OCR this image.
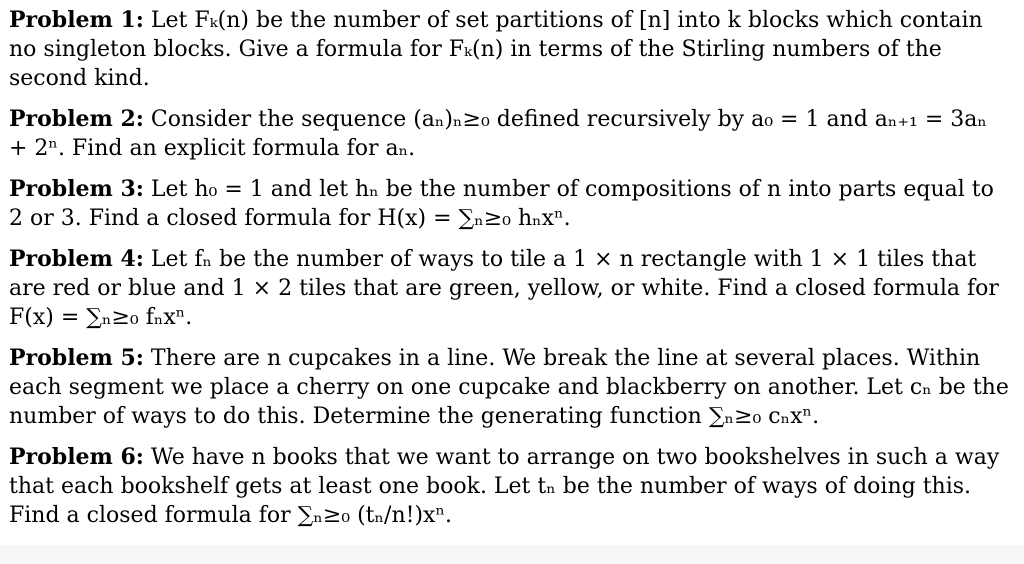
Problem 1: Let Fₖ(n) be the number of set partitions of [n] into k blocks which contain no singleton blocks. Give a formula for Fₖ(n) in terms of the Stirling numbers of the second kind.

Problem 2: Consider the sequence (aₙ)ₙ≥₀ defined recursively by a₀ = 1 and aₙ₊₁ = 3aₙ + 2ⁿ. Find an explicit formula for aₙ.

Problem 3: Let h₀ = 1 and let hₙ be the number of compositions of n into parts equal to 2 or 3. Find a closed formula for H(x) = ∑ₙ≥₀ hₙxⁿ.

Problem 4: Let fₙ be the number of ways to tile a 1 × n rectangle with 1 × 1 tiles that are red or blue and 1 × 2 tiles that are green, yellow, or white. Find a closed formula for F(x) = ∑ₙ≥₀ fₙxⁿ.

Problem 5: There are n cupcakes in a line. We break the line at several places. Within each segment we place a cherry on one cupcake and blackberry on another. Let cₙ be the number of ways to do this. Determine the generating function ∑ₙ≥₀ cₙxⁿ.

Problem 6: We have n books that we want to arrange on two bookshelves in such a way that each bookshelf gets at least one book. Let tₙ be the number of ways of doing this. Find a closed formula for ∑ₙ≥₀ (tₙ/n!)xⁿ.
